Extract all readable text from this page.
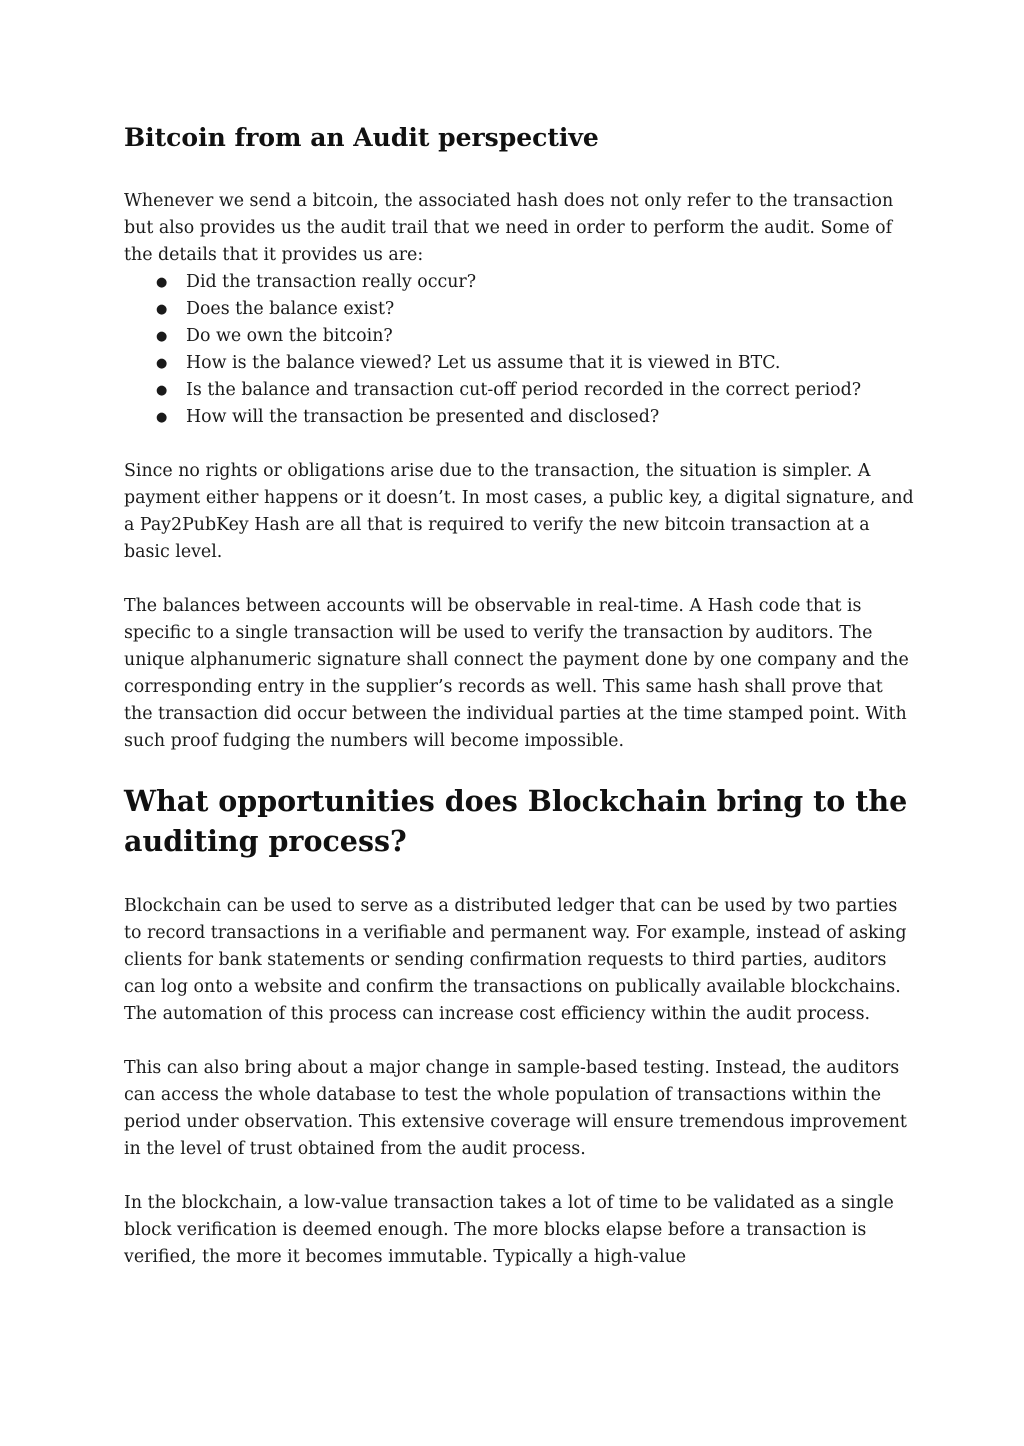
Bitcoin from an Audit perspective

Whenever we send a bitcoin, the associated hash does not only refer to the transaction but also provides us the audit trail that we need in order to perform the audit. Some of the details that it provides us are:

● Did the transaction really occur?
● Does the balance exist?
● Do we own the bitcoin?
● How is the balance viewed? Let us assume that it is viewed in BTC.
● Is the balance and transaction cut-off period recorded in the correct period?
● How will the transaction be presented and disclosed?

Since no rights or obligations arise due to the transaction, the situation is simpler. A payment either happens or it doesn’t. In most cases, a public key, a digital signature, and a Pay2PubKey Hash are all that is required to verify the new bitcoin transaction at a basic level.

The balances between accounts will be observable in real-time. A Hash code that is specific to a single transaction will be used to verify the transaction by auditors. The unique alphanumeric signature shall connect the payment done by one company and the corresponding entry in the supplier’s records as well. This same hash shall prove that the transaction did occur between the individual parties at the time stamped point. With such proof fudging the numbers will become impossible.

What opportunities does Blockchain bring to the auditing process?

Blockchain can be used to serve as a distributed ledger that can be used by two parties to record transactions in a verifiable and permanent way. For example, instead of asking clients for bank statements or sending confirmation requests to third parties, auditors can log onto a website and confirm the transactions on publically available blockchains. The automation of this process can increase cost efficiency within the audit process.

This can also bring about a major change in sample-based testing. Instead, the auditors can access the whole database to test the whole population of transactions within the period under observation. This extensive coverage will ensure tremendous improvement in the level of trust obtained from the audit process.

In the blockchain, a low-value transaction takes a lot of time to be validated as a single block verification is deemed enough. The more blocks elapse before a transaction is verified, the more it becomes immutable. Typically a high-value
